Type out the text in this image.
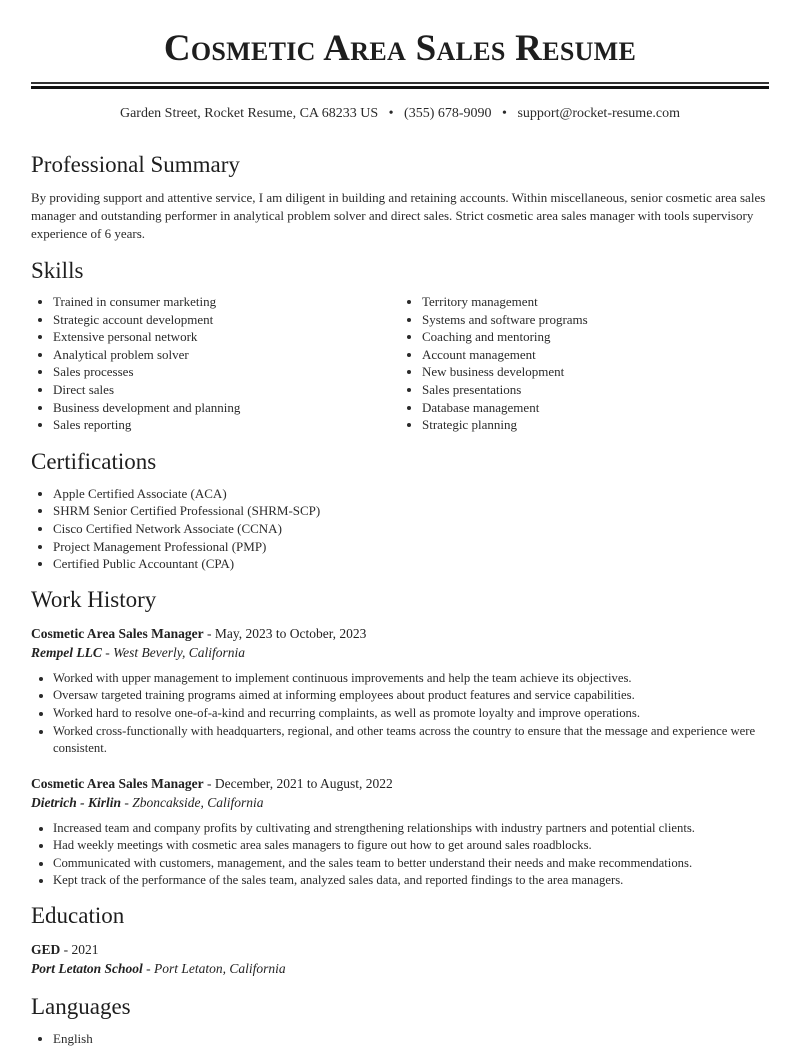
Cosmetic Area Sales Resume
Garden Street, Rocket Resume, CA 68233 US • (355) 678-9090 • support@rocket-resume.com
Professional Summary

By providing support and attentive service, I am diligent in building and retaining accounts. Within miscellaneous, senior cosmetic area sales manager and outstanding performer in analytical problem solver and direct sales. Strict cosmetic area sales manager with tools supervisory experience of 6 years.

Skills
• Trained in consumer marketing
• Strategic account development
• Extensive personal network
• Analytical problem solver
• Sales processes
• Direct sales
• Business development and planning
• Sales reporting
• Territory management
• Systems and software programs
• Coaching and mentoring
• Account management
• New business development
• Sales presentations
• Database management
• Strategic planning
Certifications
• Apple Certified Associate (ACA)
• SHRM Senior Certified Professional (SHRM-SCP)
• Cisco Certified Network Associate (CCNA)
• Project Management Professional (PMP)
• Certified Public Accountant (CPA)
Work History
Cosmetic Area Sales Manager - May, 2023 to October, 2023
Rempel LLC - West Beverly, California
• Worked with upper management to implement continuous improvements and help the team achieve its objectives.
• Oversaw targeted training programs aimed at informing employees about product features and service capabilities.
• Worked hard to resolve one-of-a-kind and recurring complaints, as well as promote loyalty and improve operations.
• Worked cross-functionally with headquarters, regional, and other teams across the country to ensure that the message and experience were consistent.
Cosmetic Area Sales Manager - December, 2021 to August, 2022
Dietrich - Kirlin - Zboncakside, California
• Increased team and company profits by cultivating and strengthening relationships with industry partners and potential clients.
• Had weekly meetings with cosmetic area sales managers to figure out how to get around sales roadblocks.
• Communicated with customers, management, and the sales team to better understand their needs and make recommendations.
• Kept track of the performance of the sales team, analyzed sales data, and reported findings to the area managers.
Education
GED - 2021
Port Letaton School - Port Letaton, California
Languages
• English
